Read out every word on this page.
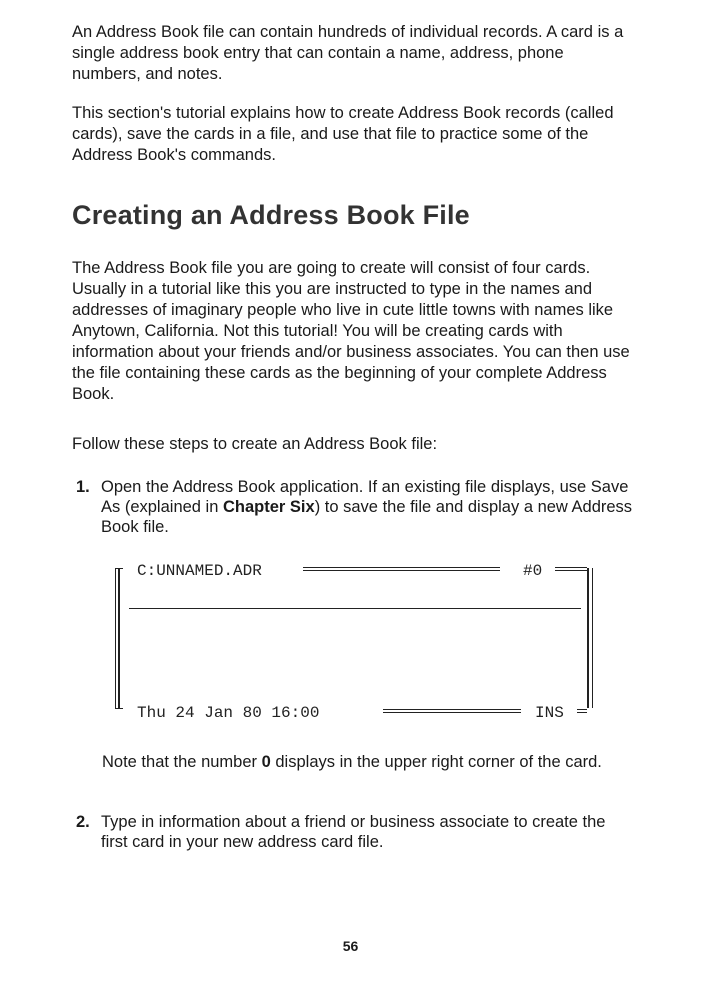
An Address Book file can contain hundreds of individual records. A card is a single address book entry that can contain a name, address, phone numbers, and notes.

This section's tutorial explains how to create Address Book records (called cards), save the cards in a file, and use that file to practice some of the Address Book's commands.

Creating an Address Book File

The Address Book file you are going to create will consist of four cards. Usually in a tutorial like this you are instructed to type in the names and addresses of imaginary people who live in cute little towns with names like Anytown, California. Not this tutorial! You will be creating cards with information about your friends and/or business associates. You can then use the file containing these cards as the beginning of your complete Address Book.

Follow these steps to create an Address Book file:

1. Open the Address Book application. If an existing file displays, use Save As (explained in Chapter Six) to save the file and display a new Address Book file.
C:UNNAMED.ADR	#0
Thu 24 Jan 80 16:00	INS

Note that the number 0 displays in the upper right corner of the card.

2. Type in information about a friend or business associate to create the first card in your new address card file.
56
